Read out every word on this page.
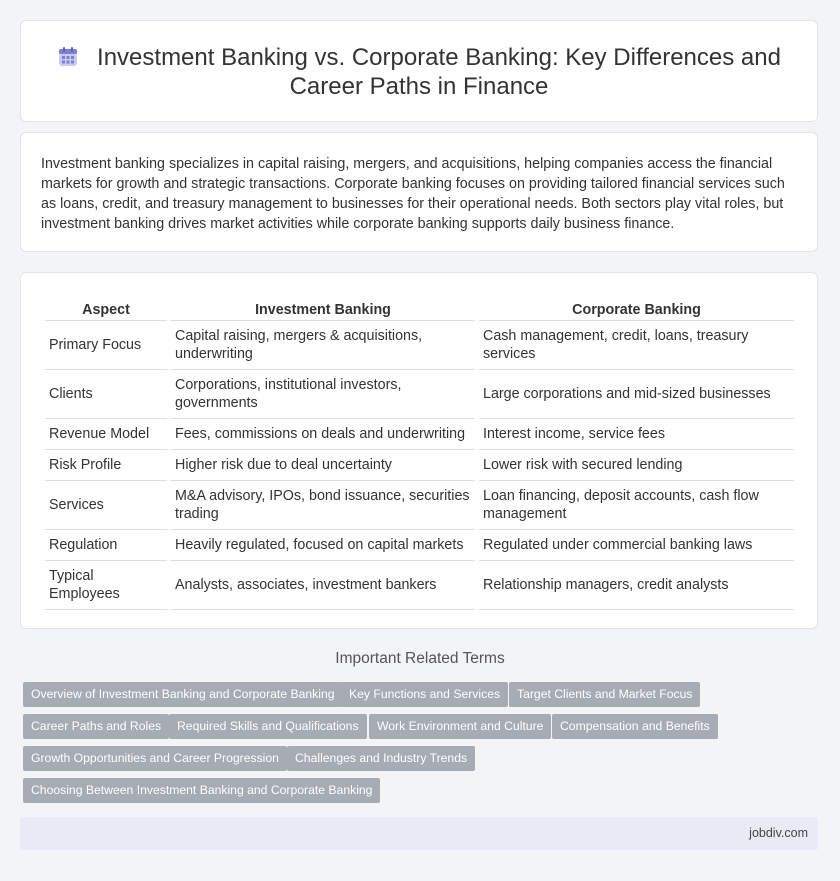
Investment Banking vs. Corporate Banking: Key Differences and
Career Paths in Finance

Investment banking specializes in capital raising, mergers, and acquisitions, helping companies access the financial markets for growth and strategic transactions. Corporate banking focuses on providing tailored financial services such as loans, credit, and treasury management to businesses for their operational needs. Both sectors play vital roles, but investment banking drives market activities while corporate banking supports daily business finance.

Aspect	Investment Banking	Corporate Banking
Primary Focus	Capital raising, mergers & acquisitions, underwriting	Cash management, credit, loans, treasury services
Clients	Corporations, institutional investors, governments	Large corporations and mid-sized businesses
Revenue Model	Fees, commissions on deals and underwriting	Interest income, service fees
Risk Profile	Higher risk due to deal uncertainty	Lower risk with secured lending
Services	M&A advisory, IPOs, bond issuance, securities trading	Loan financing, deposit accounts, cash flow management
Regulation	Heavily regulated, focused on capital markets	Regulated under commercial banking laws
Typical Employees	Analysts, associates, investment bankers	Relationship managers, credit analysts
Important Related Terms
Overview of Investment Banking and Corporate Banking	Key Functions and Services	Target Clients and Market Focus
Career Paths and Roles	Required Skills and Qualifications	Work Environment and Culture	Compensation and Benefits
Growth Opportunities and Career Progression	Challenges and Industry Trends
Choosing Between Investment Banking and Corporate Banking
jobdiv.com
